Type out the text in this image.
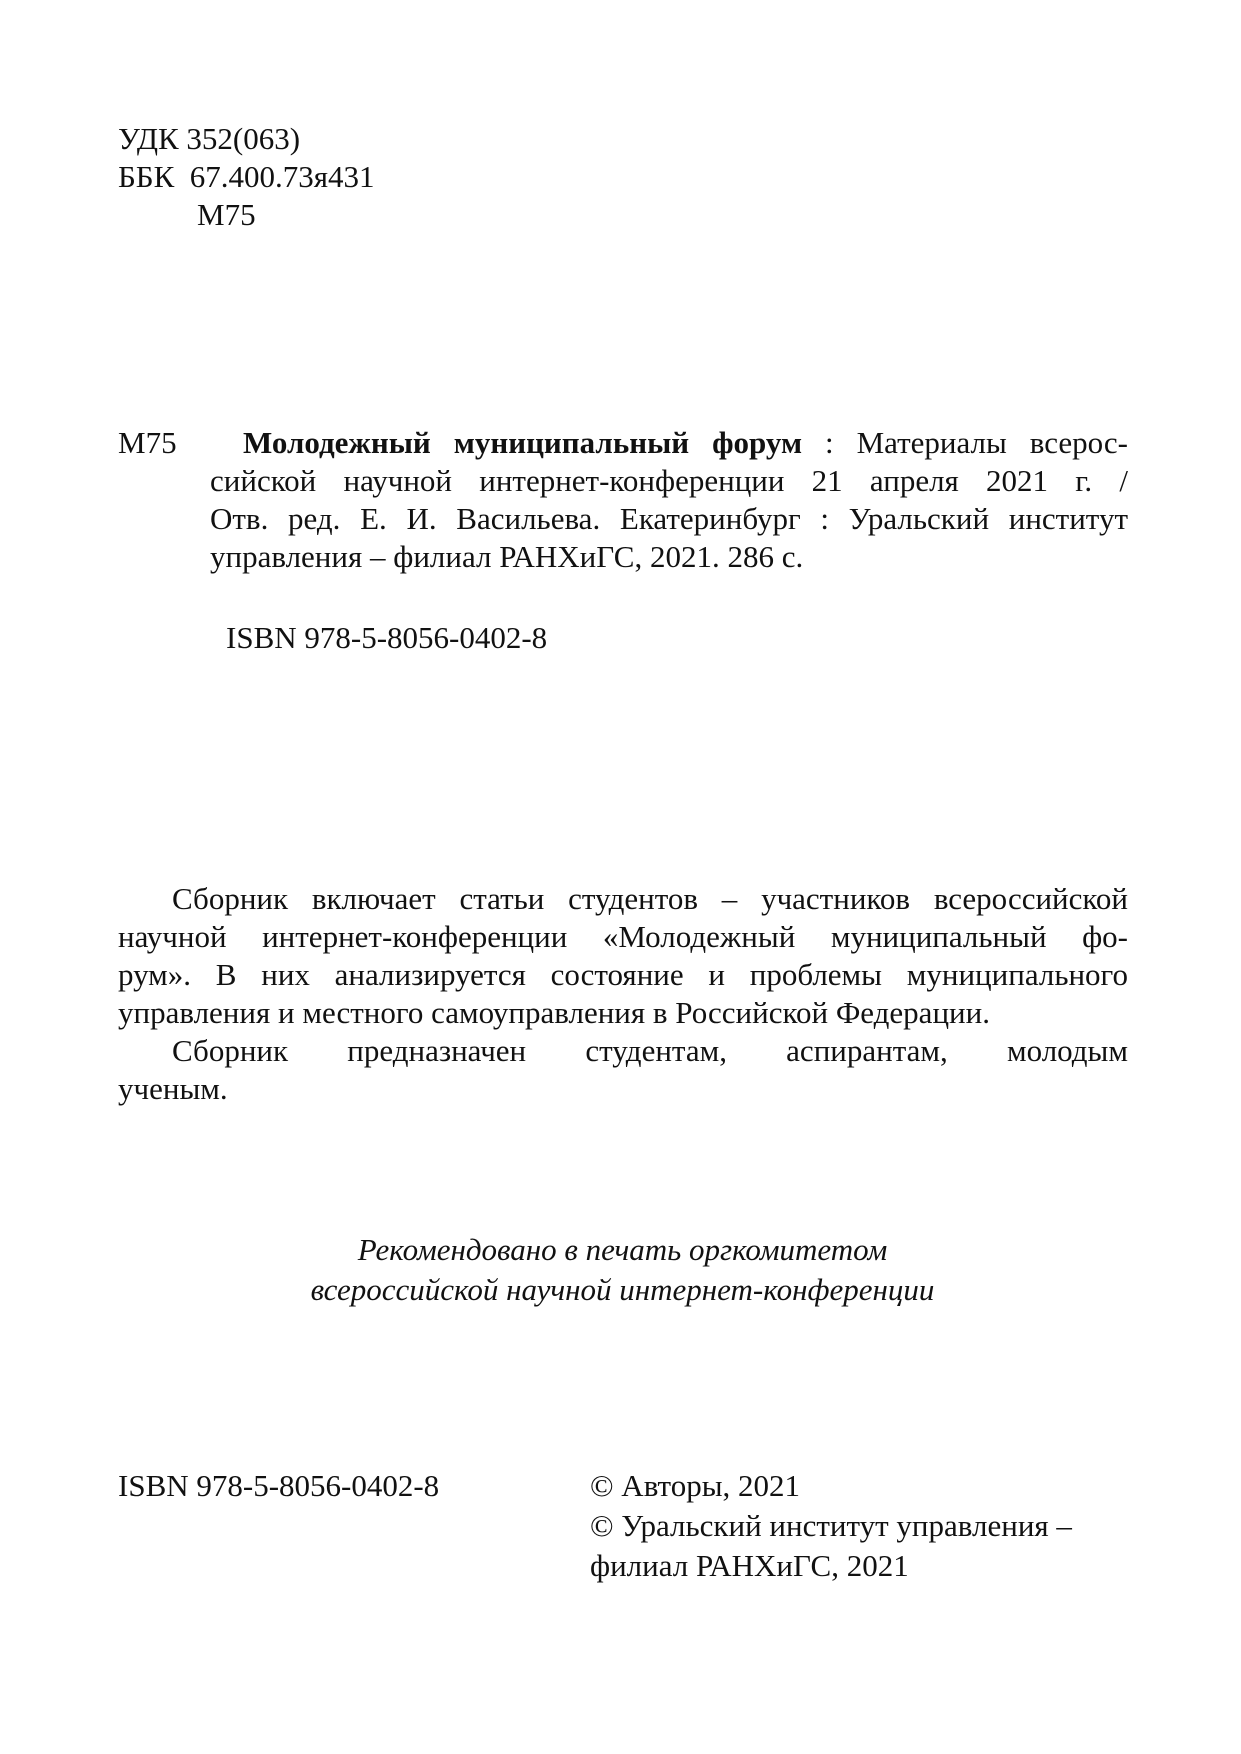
УДК 352(063)
ББК  67.400.73я431
М75
М75	Молодежный муниципальный форум : Материалы всерос-
сийской научной интернет-конференции 21 апреля 2021 г. /
Отв. ред. Е. И. Васильева. Екатеринбург : Уральский институт
управления – филиал РАНХиГС, 2021. 286 с.
ISBN 978-5-8056-0402-8
Сборник включает статьи студентов – участников всероссийской
научной интернет-конференции «Молодежный муниципальный фо-
рум». В них анализируется состояние и проблемы муниципального
управления и местного самоуправления в Российской Федерации.
Сборник предназначен студентам, аспирантам, молодым
ученым.
Рекомендовано в печать оргкомитетом
всероссийской научной интернет-конференции
ISBN 978-5-8056-0402-8	© Авторы, 2021
© Уральский институт управления –
филиал РАНХиГС, 2021
